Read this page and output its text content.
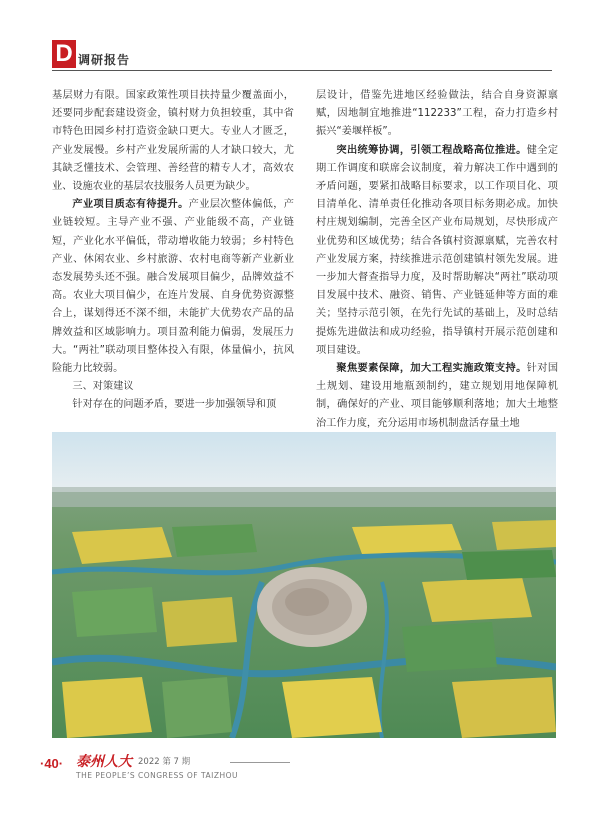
D 调研报告

基层财力有限。国家政策性项目扶持量少覆盖面小，还要同步配套建设资金，镇村财力负担较重，其中省市特色田园乡村打造资金缺口更大。专业人才匮乏，产业发展慢。乡村产业发展所需的人才缺口较大，尤其缺乏懂技术、会管理、善经营的精专人才，高效农业、设施农业的基层农技服务人员更为缺少。

产业项目质态有待提升。产业层次整体偏低，产业链较短。主导产业不强、产业能级不高，产业链短，产业化水平偏低，带动增收能力较弱；乡村特色产业、休闲农业、乡村旅游、农村电商等新产业新业态发展势头还不强。融合发展项目偏少，品牌效益不高。农业大项目偏少，在连片发展、自身优势资源整合上，谋划得还不深不细，未能扩大优势农产品的品牌效益和区域影响力。项目盈利能力偏弱，发展压力大。“两社”联动项目整体投入有限，体量偏小，抗风险能力比较弱。

三、对策建议

针对存在的问题矛盾，要进一步加强领导和顶

层设计，借鉴先进地区经验做法，结合自身资源禀赋，因地制宜地推进“112233”工程，奋力打造乡村振兴“姜堰样板”。

突出统筹协调，引领工程战略高位推进。健全定期工作调度和联席会议制度，着力解决工作中遇到的矛盾问题，要紧扣战略目标要求，以工作项目化、项目清单化、清单责任化推动各项目标务期必成。加快村庄规划编制，完善全区产业布局规划，尽快形成产业优势和区域优势；结合各镇村资源禀赋，完善农村产业发展方案，持续推进示范创建镇村领先发展。进一步加大督查指导力度，及时帮助解决“两社”联动项目发展中技术、融资、销售、产业链延伸等方面的难关；坚持示范引领，在先行先试的基础上，及时总结提炼先进做法和成功经验，指导镇村开展示范创建和项目建设。

聚焦要素保障，加大工程实施政策支持。针对国土规划、建设用地瓶颈制约，建立规划用地保障机制，确保好的产业、项目能够顺利落地；加大土地整治工作力度，充分运用市场机制盘活存量土地

·40· 泰州人大 2022 第 7 期
THE PEOPLE’S CONGRESS OF TAIZHOU
